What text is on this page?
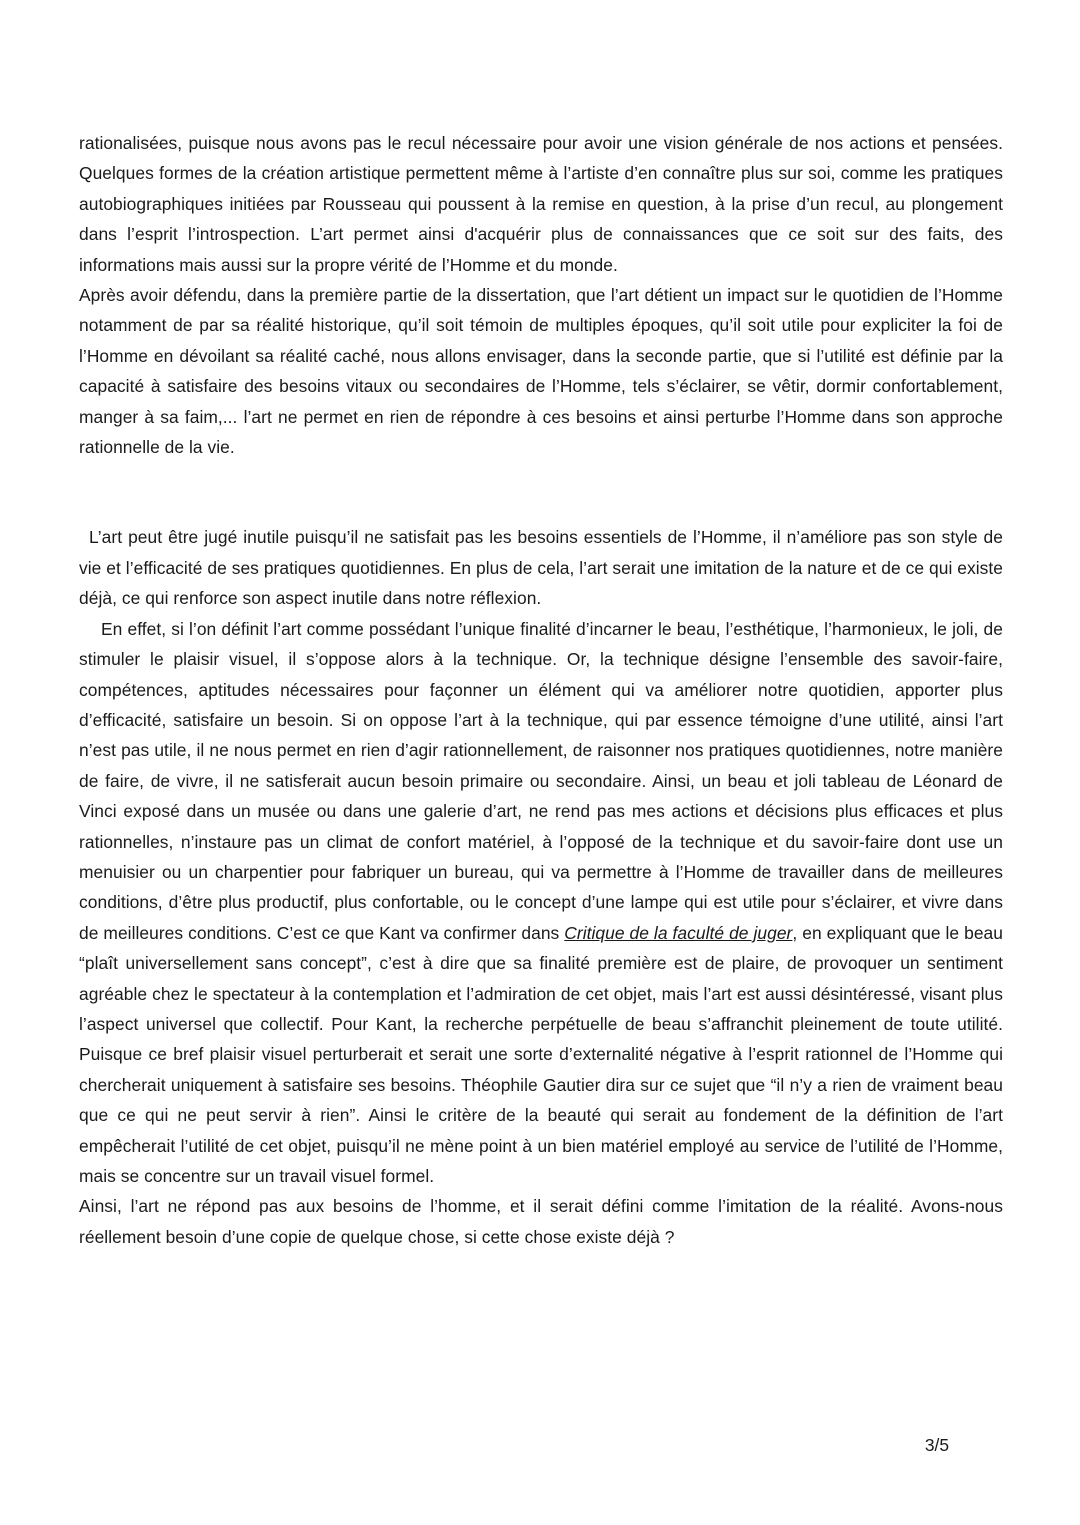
rationalisées, puisque nous avons pas le recul nécessaire pour avoir une vision générale de nos actions et pensées. Quelques formes de la création artistique permettent même à l’artiste d’en connaître plus sur soi, comme les pratiques autobiographiques initiées par Rousseau qui poussent à la remise en question, à la prise d’un recul, au plongement dans l’esprit l’introspection. L’art permet ainsi d'acquérir plus de connaissances que ce soit sur des faits, des informations mais aussi sur la propre vérité de l’Homme et du monde.

Après avoir défendu, dans la première partie de la dissertation, que l’art détient un impact sur le quotidien de l’Homme notamment de par sa réalité historique, qu’il soit témoin de multiples époques, qu’il soit utile pour expliciter la foi de l’Homme en dévoilant sa réalité caché, nous allons envisager, dans la seconde partie, que si l’utilité est définie par la capacité à satisfaire des besoins vitaux ou secondaires de l’Homme, tels s’éclairer, se vêtir, dormir confortablement, manger à sa faim,... l’art ne permet en rien de répondre à ces besoins et ainsi perturbe l’Homme dans son approche rationnelle de la vie.

L’art peut être jugé inutile puisqu’il ne satisfait pas les besoins essentiels de l’Homme, il n’améliore pas son style de vie et l’efficacité de ses pratiques quotidiennes. En plus de cela, l’art serait une imitation de la nature et de ce qui existe déjà, ce qui renforce son aspect inutile dans notre réflexion.

En effet, si l’on définit l’art comme possédant l’unique finalité d’incarner le beau, l’esthétique, l’harmonieux, le joli, de stimuler le plaisir visuel, il s’oppose alors à la technique. Or, la technique désigne l’ensemble des savoir-faire, compétences, aptitudes nécessaires pour façonner un élément qui va améliorer notre quotidien, apporter plus d’efficacité, satisfaire un besoin. Si on oppose l’art à la technique, qui par essence témoigne d’une utilité, ainsi l’art n’est pas utile, il ne nous permet en rien d’agir rationnellement, de raisonner nos pratiques quotidiennes, notre manière de faire, de vivre, il ne satisferait aucun besoin primaire ou secondaire. Ainsi, un beau et joli tableau de Léonard de Vinci exposé dans un musée ou dans une galerie d’art, ne rend pas mes actions et décisions plus efficaces et plus rationnelles, n’instaure pas un climat de confort matériel, à l’opposé de la technique et du savoir-faire dont use un menuisier ou un charpentier pour fabriquer un bureau, qui va permettre à l’Homme de travailler dans de meilleures conditions, d’être plus productif, plus confortable, ou le concept d’une lampe qui est utile pour s’éclairer, et vivre dans de meilleures conditions. C’est ce que Kant va confirmer dans Critique de la faculté de juger, en expliquant que le beau “plaît universellement sans concept”, c’est à dire que sa finalité première est de plaire, de provoquer un sentiment agréable chez le spectateur à la contemplation et l’admiration de cet objet, mais l’art est aussi désintéressé, visant plus l’aspect universel que collectif. Pour Kant, la recherche perpétuelle de beau s’affranchit pleinement de toute utilité. Puisque ce bref plaisir visuel perturberait et serait une sorte d’externalité négative à l’esprit rationnel de l’Homme qui chercherait uniquement à satisfaire ses besoins. Théophile Gautier dira sur ce sujet que “il n’y a rien de vraiment beau que ce qui ne peut servir à rien”. Ainsi le critère de la beauté qui serait au fondement de la définition de l’art empêcherait l’utilité de cet objet, puisqu’il ne mène point à un bien matériel employé au service de l’utilité de l’Homme, mais se concentre sur un travail visuel formel.

Ainsi, l’art ne répond pas aux besoins de l’homme, et il serait défini comme l’imitation de la réalité. Avons-nous réellement besoin d’une copie de quelque chose, si cette chose existe déjà ?

3/5
